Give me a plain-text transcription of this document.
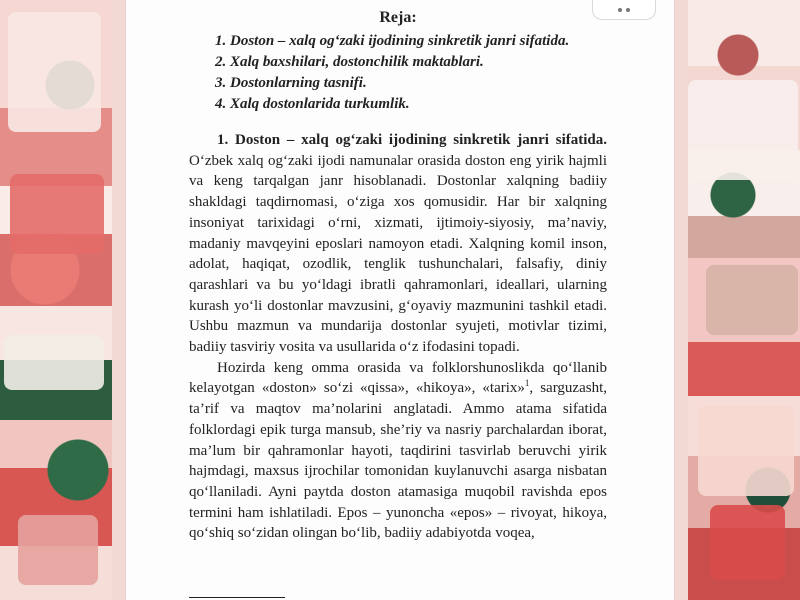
Reja:
1. Doston – xalq og‘zaki ijodining sinkretik janri sifatida.
2. Xalq baxshilari, dostonchilik maktablari.
3. Dostonlarning tasnifi.
4. Xalq dostonlarida turkumlik.

1. Doston – xalq og‘zaki ijodining sinkretik janri sifatida. O‘zbek xalq og‘zaki ijodi namunalar orasida doston eng yirik hajmli va keng tarqalgan janr hisoblanadi. Dostonlar xalqning badiiy shakldagi taqdirnomasi, o‘ziga xos qomusidir. Har bir xalqning insoniyat tarixidagi o‘rni, xizmati, ijtimoiy-siyosiy, ma’naviy, madaniy mavqeyini eposlari namoyon etadi. Xalqning komil inson, adolat, haqiqat, ozodlik, tenglik tushunchalari, falsafiy, diniy qarashlari va bu yo‘ldagi ibratli qahramonlari, ideallari, ularning kurash yo‘li dostonlar mavzusini, g‘oyaviy mazmunini tashkil etadi. Ushbu mazmun va mundarija dostonlar syujeti, motivlar tizimi, badiiy tasviriy vosita va usullarida o‘z ifodasini topadi.

Hozirda keng omma orasida va folklorshunoslikda qo‘llanib kelayotgan «doston» so‘zi «qissa», «hikoya», «tarix»$^1$, sarguzasht, ta’rif va maqtov ma’nolarini anglatadi. Ammo atama sifatida folklordagi epik turga mansub, she’riy va nasriy parchalardan iborat, ma’lum bir qahramonlar hayoti, taqdirini tasvirlab beruvchi yirik hajmdagi, maxsus ijrochilar tomonidan kuylanuvchi asarga nisbatan qo‘llaniladi. Ayni paytda doston atamasiga muqobil ravishda epos termini ham ishlatiladi. Epos – yunoncha «epos» – rivoyat, hikoya, qo‘shiq so‘zidan olingan bo‘lib, badiiy adabiyotda voqea,
